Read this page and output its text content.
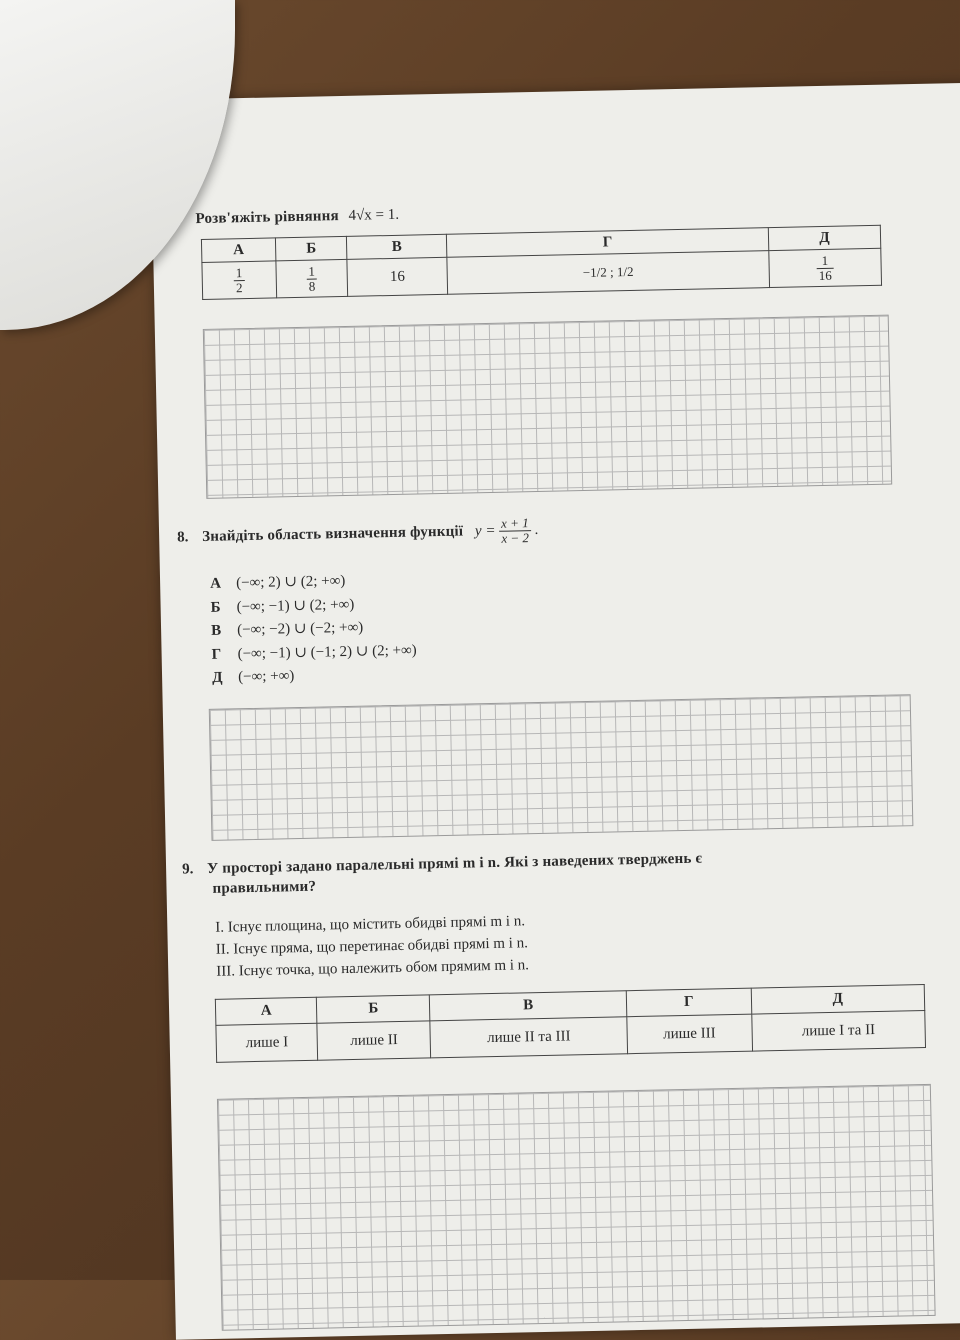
Розв'яжіть рівняння 4√x = 1.
А	Б	В	Г	Д

$\frac{1}{2}$	$\frac{1}{8}$	16	−1/2 ; 1/2	$\frac{1}{16}$
8. Знайдіть область визначення функції $y = \frac{x + 1}{x - 2}$ .
А (−∞; 2) ∪ (2; +∞)
Б (−∞; −1) ∪ (2; +∞)
В (−∞; −2) ∪ (−2; +∞)
Г (−∞; −1) ∪ (−1; 2) ∪ (2; +∞)
Д (−∞; +∞)
9. У просторі задано паралельні прямі m і n. Які з наведених тверджень є
правильними?
I. Існує площина, що містить обидві прямі m і n.
II. Існує пряма, що перетинає обидві прямі m і n.
III. Існує точка, що належить обом прямим m і n.
А	Б	В	Г	Д
лише I	лише II	лише II та III	лише III	лише I та II
